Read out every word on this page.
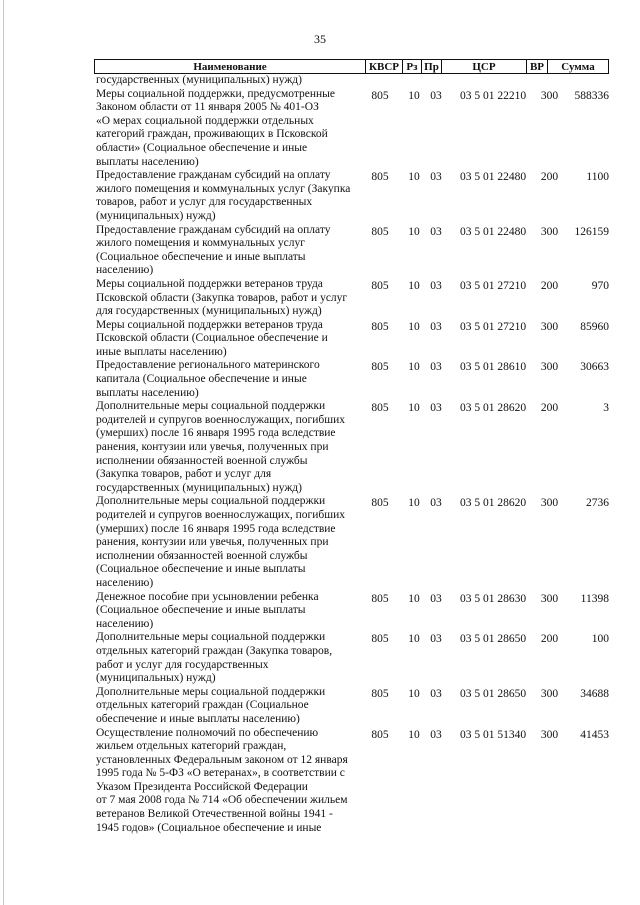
35
Наименование	КВСР Рз Пр	ЦСР	ВР	Сумма
государственных (муниципальных) нужд)
Меры социальной поддержки, предусмотренные
Законом области от 11 января 2005 № 401-ОЗ
«О мерах социальной поддержки отдельных
категорий граждан, проживающих в Псковской
области» (Социальное обеспечение и иные
выплаты населению)
805	10 03	03 5 01 22210	300	588336
Предоставление гражданам субсидий на оплату
жилого помещения и коммунальных услуг (Закупка
товаров, работ и услуг для государственных
(муниципальных) нужд)
805	10 03	03 5 01 22480	200	1100
Предоставление гражданам субсидий на оплату
жилого помещения и коммунальных услуг
(Социальное обеспечение и иные выплаты
населению)
805	10 03	03 5 01 22480	300	126159
Меры социальной поддержки ветеранов труда
Псковской области (Закупка товаров, работ и услуг
для государственных (муниципальных) нужд)
805	10 03	03 5 01 27210	200	970
Меры социальной поддержки ветеранов труда
Псковской области (Социальное обеспечение и
иные выплаты населению)
805	10 03	03 5 01 27210	300	85960
Предоставление регионального материнского
капитала (Социальное обеспечение и иные
выплаты населению)
805	10 03	03 5 01 28610	300	30663
Дополнительные меры социальной поддержки
родителей и супругов военнослужащих, погибших
(умерших) после 16 января 1995 года вследствие
ранения, контузии или увечья, полученных при
исполнении обязанностей военной службы
(Закупка товаров, работ и услуг для
государственных (муниципальных) нужд)
805	10 03	03 5 01 28620	200	3
Дополнительные меры социальной поддержки
родителей и супругов военнослужащих, погибших
(умерших) после 16 января 1995 года вследствие
ранения, контузии или увечья, полученных при
исполнении обязанностей военной службы
(Социальное обеспечение и иные выплаты
населению)
805	10 03	03 5 01 28620	300	2736
Денежное пособие при усыновлении ребенка
(Социальное обеспечение и иные выплаты
населению)
805	10 03	03 5 01 28630	300	11398
Дополнительные меры социальной поддержки
отдельных категорий граждан (Закупка товаров,
работ и услуг для государственных
(муниципальных) нужд)
805	10 03	03 5 01 28650	200	100
Дополнительные меры социальной поддержки
отдельных категорий граждан (Социальное
обеспечение и иные выплаты населению)
805	10 03	03 5 01 28650	300	34688
Осуществление полномочий по обеспечению
жильем отдельных категорий граждан,
установленных Федеральным законом от 12 января
1995 года № 5-ФЗ «О ветеранах», в соответствии с
Указом Президента Российской Федерации
от 7 мая 2008 года № 714 «Об обеспечении жильем
ветеранов Великой Отечественной войны 1941 -
1945 годов» (Социальное обеспечение и иные
805	10 03	03 5 01 51340	300	41453
